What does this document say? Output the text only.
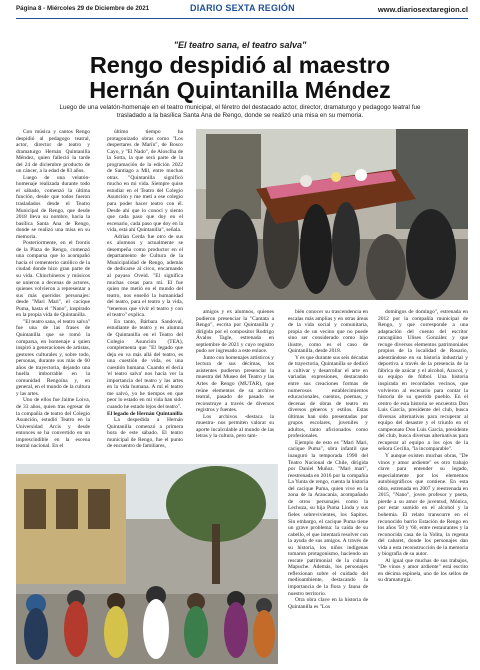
Página 8 - Miércoles 29 de Diciembre de 2021	DIARIO SEXTA REGIÓN	www.diariosextaregion.cl
"El teatro sana, el teatro salva"
Rengo despidió al maestro
Hernán Quintanilla Méndez
Luego de una velatón-homenaje en el teatro municipal, el féretro del destacado actor, director, dramaturgo y pedagogo teatral fue trasladado a la basílica Santa Ana de Rengo, donde se realizó una misa en su memoria.

Con música y cantos Rengo despidió al pedagogo teatral, actor, director de teatro y dramaturgo Hernán Quintanilla Méndez, quien falleció la tarde del 24 de diciembre producto de un cáncer, a la edad de 83 años.

Luego de una velatón-homenaje realizada durante todo el sábado, comenzó la última función, desde que todos fueron trasladados desde el Teatro Municipal de Rengo, que desde 2018 lleva su nombre, hacia la basílica Santa Ana de Rengo, donde se realizó una misa en su memoria.

Posteriormente, en el frontis de la Plaza de Rengo, comenzó una comparsa que lo acompañó hacia el cementerio católico de la ciudad donde hizo gran parte de su vida. Chinchineros y músicos se unieron a decenas de actores, quienes volvieron a representar a sus más queridos personajes: desde "Mari Mari", el cacique Puma, hasta el "Nano", inspirado en la propia vida de Quintanilla.

"El teatro sana, el teatro salva" fue una de las frases de Quintanilla que se tomó la comparsa, en homenaje a quien inspiró a generaciones de artistas, gestores culturales y, sobre todo, personas, durante sus más de 60 años de trayectoria, dejando una huella imborrable en la comunidad Rengoína y, en general, en el mundo de la cultura y las artes.

Uno de ellos fue Jaime Loiva, de 33 años, quien tras egresar de la compañía de teatro del Colegio Asunción, estudió Teatro en la Universidad Arcis y desde entonces se ha convertido en un imprescindible en la escena teatral nacional. En el

último tiempo ha protagonizado obras como "Los despertares de Marín", de Bosco Cayo, y "El Nado", de Alosclha de la Sotta, la que será parte de la programación de la edición 2022 de Santiago a Mil, entre muchas otras. "Quintanilla significó mucho en mi vida. Siempre quise estudiar en el Teatro del Colegio Asunción y me metí a ese colegio para poder hacer teatro con él. Desde ahí que lo conocí y siento que cada paso que doy en el escenario, cada paso que doy en la vida, está ahí Quintanilla", señala.

Adrian Cerda fue otro de sus ex alumnos y actualmente se desempeña como productor en el departamento de Cultura de la Municipalidad de Rengo, además de dedicarse al circo, encarnando al payaso Oveid. "El significa muchas cosas para mí. El fue quien me metió en el mundo del teatro, nos enseñó la humanidad del teatro, para el teatro y la vida, "tenemos que vivir el teatro y con el teatro" explica.

En tanto, Bárbara Sandoval, estudiante de teatro y es alumna de Quintanilla en el Teatro del Colegio Asunción (TEA), complementa que "El legado que deja en va más allá del teatro, es una cuestión de vida, es una cuestión humana. Cuando el decía 'el teatro salva' nos hacía ver la importancia del teatro y las artes en la vida humana. A mí el teatro me salvó, yo he tiempos en que peor lo estado en mi vida han sido cuando he estado lejos del teatro".

El legado de Hernán Quintanilla

La despedida a Hernán Quintanilla comenzó a primera hora de este sábado. El teatro municipal de Rengo, fue el punto de encuentro de familiares,

amigos y ex alumnos, quienes pudieron presenciar la "Cantata a Rengo", escrita por Quintanilla y dirigida por el compositor Rodrigo Ávalos Tagle, estrenada en septiembre de 2021 y cuyo registro pudo ser ingresado a este enlace.

Junto con homenajes artísticos y lectura de sus décimas, los asistentes pudieron presenciar la muestra del Museo del Teatro y las Artes de Rengo (MUTAR), que reúne elementos de su archivo teatral, pasado de pasado se reconstruye a través de diversos registros y fuentes.

Los archivos -destaca la muestra- nos permiten valorar su aporte incalculable al mundo de las letras y la cultura, pero tam-

bién conocer su trascendencia en escalas más amplias y en otras áreas de la vida social y comunitaria, propia de un vecino que no puede sino ser considerado como hijo ilustre, como es el caso de Quintanilla, desde 2018.

Y es que durante sus seis décadas de trayectoria, Quintanilla se dedicó a cultivar y desarrollar el arte en variadas expresiones, destacando entre sus creaciones formas de numerosos establecimientos educacionales, cuentos, poemas, y decenas de obras de teatro en diversos géneros y estilos. Estas últimas han sido presentadas por grupos escolares, juveniles y adultos, tanto aficionados como profesionales.

Ejemplo de esto es "Mari Mari, cacique Puma", obra infantil que inauguró la temporada 1990 del Teatro Nacional de Chile, dirigida por Daniel Muñoz. "Mari mari", reestrenada en 2016 por la compañía La Yunta de rengo, cuenta la historia del cacique Puma, quien vive en la zona de la Araucanía, acompañado de otros personajes como la Lechuza, su hija Puma Linda y sus fieles sobrevivientes, los Sapitos. Sin embargo, el cacique Puma tiene un grave problema: la caída de su cabello, el que intentará resolver con la ayuda de sus amigos. A través de su historia, los niños indígenas tomaron protagonismo, haciendo un rescate patrimonial de la cultura Mapuche. Además, los personajes reflexionan sobre el cuidado del medioambiente, destacando la importancia de la flora y fauna de nuestro territorio.

Otra obra clave en la historia de Quintanilla es "Los

domingos de domingo", estrenada en 2012 por la compañía municipal de Rengo, y que corresponde a una adaptación del cuento del escritor rancagüino Ulises González y que recoge diversos elementos patrimoniales propios de la localidad de Rosario, adentrándose en su historia industrial y deportiva a través de la presencia de la fábrica de azúcar y el alcohol, Azucol, y su equipo de fútbol. Una historia inspirada en recordados vecinos, que volvieron al escenario para contar la historia de su querido pueblo. En el centro de esta historia se encuentra Don Luis García, presidente del club, busca diversas alternativas para recuperar al equipo del desastre y el triunfo en el campeonato Don Luis García, presidente del club, busca diversas alternativas para recuperar al equipo a los ojos de la señora Cecilia, "la incomparable".

Y aunque existen muchas obras, "De vinos y amor ardiente" es otro trabajo clave para entender su legado, especialmente por los elementos autobiográficos que contiene. En esta obra, estrenada en 2007 y reestrenada en 2015, "Nano", joven profesor y poeta, pierde a su amor de juventud, Mónica, por estar sumido en el alcohol y la bohemia. El relato transcurre en el reconocido barrio Estación de Rengo en los años '50 y '60, entre restaurantes y la reconocida casa de la Yolita, la regenta del cabaret, donde los personajes dan vida a esta reconstrucción de la memoria y biografía de su autor.

Al igual que muchas de sus trabajos, "De vinos y amor ardiente" está escrito en décima espinela, uno de los sellos de su dramaturgia.
